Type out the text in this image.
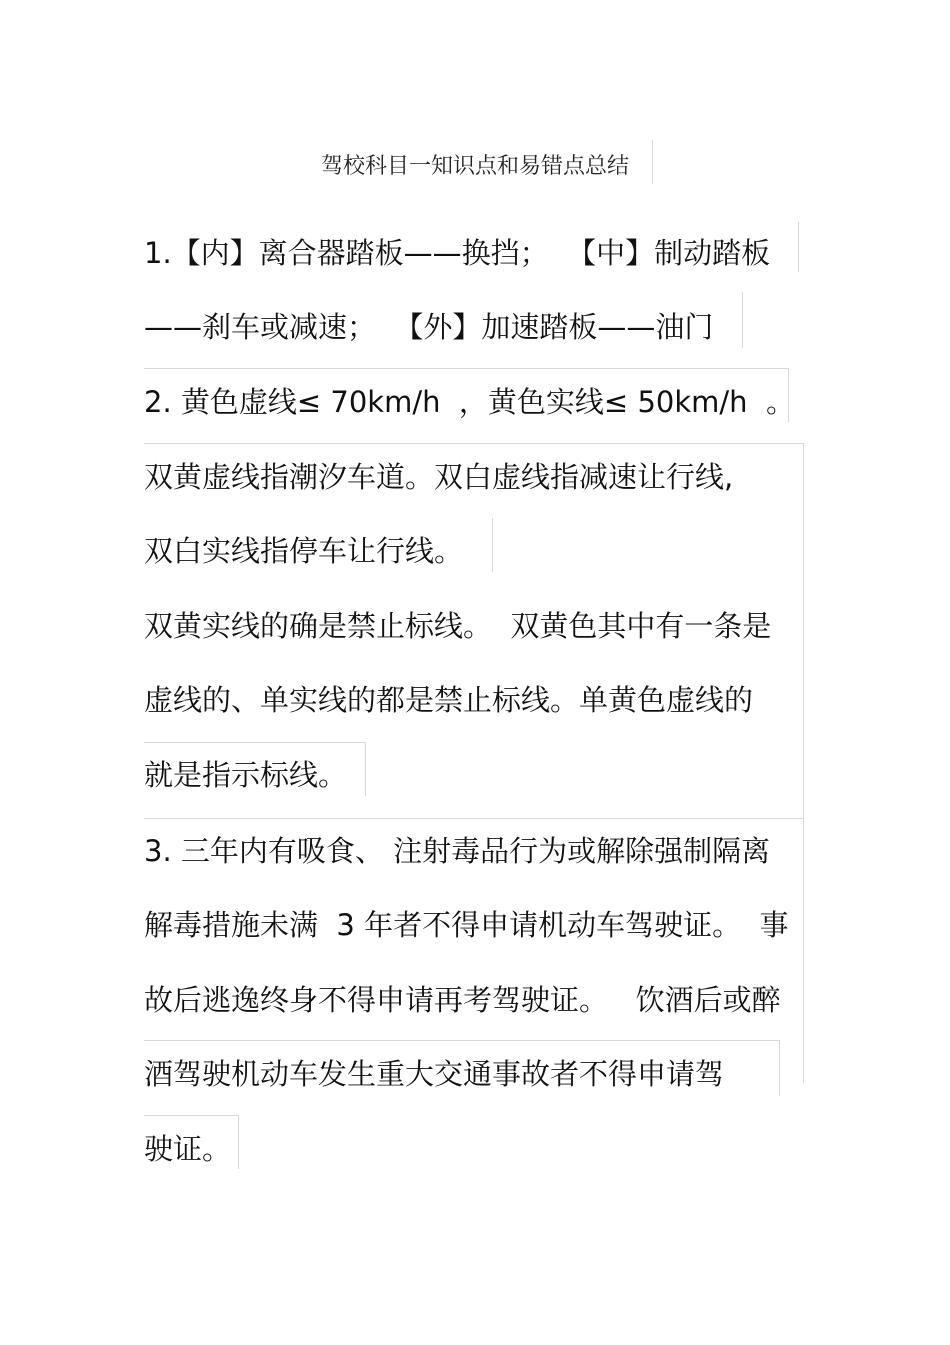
驾校科目一知识点和易错点总结
1.【内】离合器踏板——换挡；  【中】制动踏板
——刹车或减速；  【外】加速踏板——油门
2. 黄色虚线≤ 70km/h  ，黄色实线≤ 50km/h  。
双黄虚线指潮汐车道。双白虚线指减速让行线,
双白实线指停车让行线。
双黄实线的确是禁止标线。  双黄色其中有一条是
虚线的、单实线的都是禁止标线。单黄色虚线的
就是指示标线。
3. 三年内有吸食、 注射毒品行为或解除强制隔离
解毒措施未满  3 年者不得申请机动车驾驶证。  事
故后逃逸终身不得申请再考驾驶证。   饮酒后或醉
酒驾驶机动车发生重大交通事故者不得申请驾
驶证。
